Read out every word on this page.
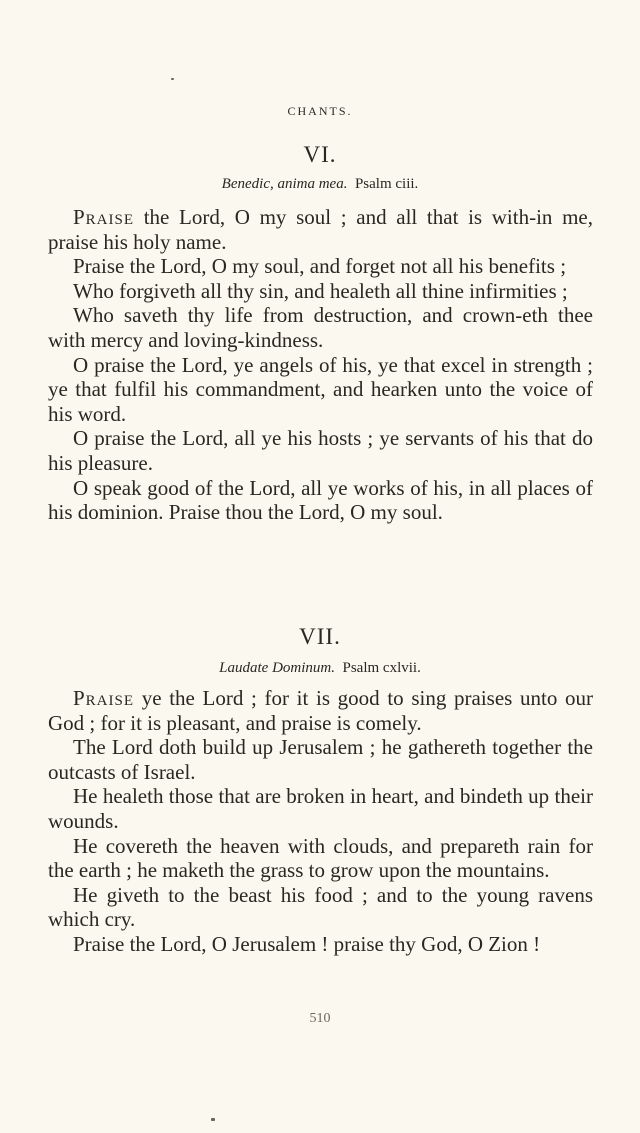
CHANTS.
VI.
Benedic, anima mea. Psalm ciii.

Praise the Lord, O my soul ; and all that is with-in me, praise his holy name.

Praise the Lord, O my soul, and forget not all his benefits ;

Who forgiveth all thy sin, and healeth all thine infirmities ;

Who saveth thy life from destruction, and crown-eth thee with mercy and loving-kindness.

O praise the Lord, ye angels of his, ye that excel in strength ; ye that fulfil his commandment, and hearken unto the voice of his word.

O praise the Lord, all ye his hosts ; ye servants of his that do his pleasure.

O speak good of the Lord, all ye works of his, in all places of his dominion. Praise thou the Lord, O my soul.

VII.
Laudate Dominum. Psalm cxlvii.

Praise ye the Lord ; for it is good to sing praises unto our God ; for it is pleasant, and praise is comely.

The Lord doth build up Jerusalem ; he gathereth together the outcasts of Israel.

He healeth those that are broken in heart, and bindeth up their wounds.

He covereth the heaven with clouds, and prepareth rain for the earth ; he maketh the grass to grow upon the mountains.

He giveth to the beast his food ; and to the young ravens which cry.

Praise the Lord, O Jerusalem ! praise thy God, O Zion !

510
